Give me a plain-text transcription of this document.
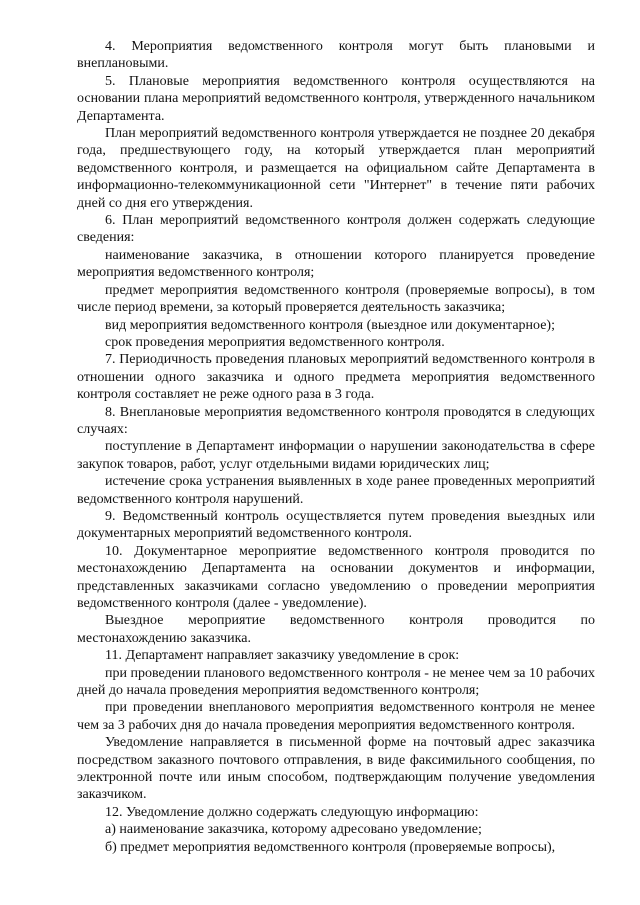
4. Мероприятия ведомственного контроля могут быть плановыми и внеплановыми.

5. Плановые мероприятия ведомственного контроля осуществляются на основании плана мероприятий ведомственного контроля, утвержденного начальником Департамента.

План мероприятий ведомственного контроля утверждается не позднее 20 декабря года, предшествующего году, на который утверждается план мероприятий ведомственного контроля, и размещается на официальном сайте Департамента в информационно-телекоммуникационной сети "Интернет" в течение пяти рабочих дней со дня его утверждения.

6. План мероприятий ведомственного контроля должен содержать следующие сведения:

наименование заказчика, в отношении которого планируется проведение мероприятия ведомственного контроля;

предмет мероприятия ведомственного контроля (проверяемые вопросы), в том числе период времени, за который проверяется деятельность заказчика;

вид мероприятия ведомственного контроля (выездное или документарное);

срок проведения мероприятия ведомственного контроля.

7. Периодичность проведения плановых мероприятий ведомственного контроля в отношении одного заказчика и одного предмета мероприятия ведомственного контроля составляет не реже одного раза в 3 года.

8. Внеплановые мероприятия ведомственного контроля проводятся в следующих случаях:

поступление в Департамент информации о нарушении законодательства в сфере закупок товаров, работ, услуг отдельными видами юридических лиц;

истечение срока устранения выявленных в ходе ранее проведенных мероприятий ведомственного контроля нарушений.

9. Ведомственный контроль осуществляется путем проведения выездных или документарных мероприятий ведомственного контроля.

10. Документарное мероприятие ведомственного контроля проводится по местонахождению Департамента на основании документов и информации, представленных заказчиками согласно уведомлению о проведении мероприятия ведомственного контроля (далее - уведомление).

Выездное мероприятие ведомственного контроля проводится по местонахождению заказчика.

11. Департамент направляет заказчику уведомление в срок:

при проведении планового ведомственного контроля - не менее чем за 10 рабочих дней до начала проведения мероприятия ведомственного контроля;

при проведении внепланового мероприятия ведомственного контроля не менее чем за 3 рабочих дня до начала проведения мероприятия ведомственного контроля.

Уведомление направляется в письменной форме на почтовый адрес заказчика посредством заказного почтового отправления, в виде факсимильного сообщения, по электронной почте или иным способом, подтверждающим получение уведомления заказчиком.

12. Уведомление должно содержать следующую информацию:

а) наименование заказчика, которому адресовано уведомление;

б) предмет мероприятия ведомственного контроля (проверяемые вопросы),
